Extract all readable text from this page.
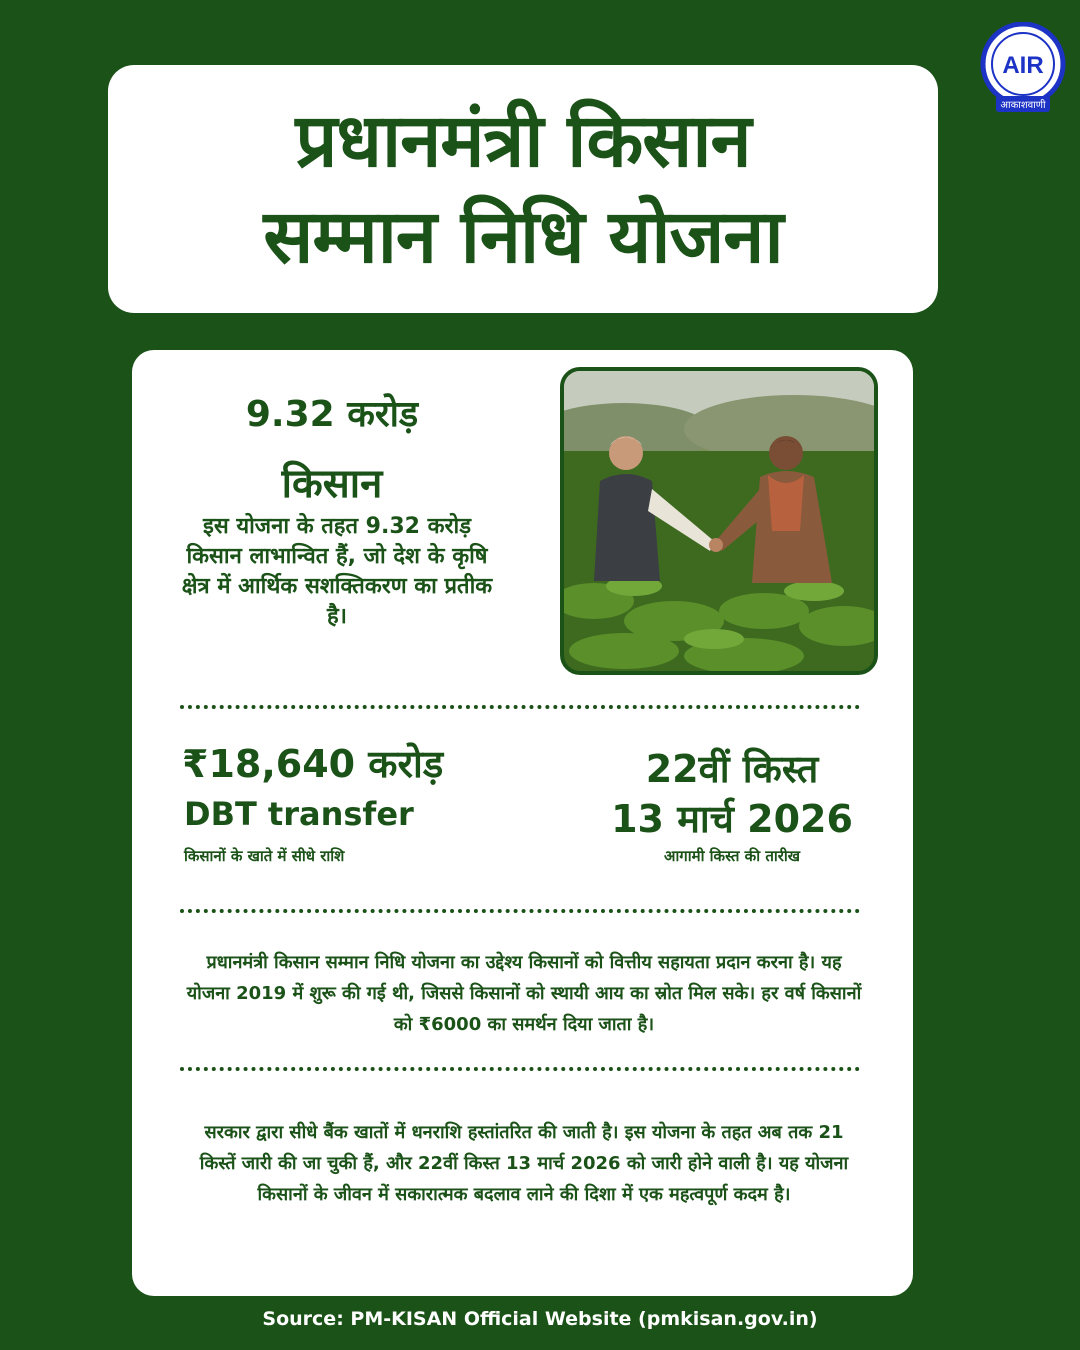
AIR
आकाशवाणी
प्रधानमंत्री किसान
सम्मान निधि योजना
9.32 करोड़
किसान
इस योजना के तहत 9.32 करोड़ किसान लाभान्वित हैं, जो देश के कृषि क्षेत्र में आर्थिक सशक्तिकरण का प्रतीक है।
₹18,640 करोड़
DBT transfer
किसानों के खाते में सीधे राशि
22वीं किस्त
13 मार्च 2026
आगामी किस्त की तारीख
प्रधानमंत्री किसान सम्मान निधि योजना का उद्देश्य किसानों को वित्तीय सहायता प्रदान करना है। यह योजना 2019 में शुरू की गई थी, जिससे किसानों को स्थायी आय का स्रोत मिल सके। हर वर्ष किसानों को ₹6000 का समर्थन दिया जाता है।
सरकार द्वारा सीधे बैंक खातों में धनराशि हस्तांतरित की जाती है। इस योजना के तहत अब तक 21 किस्तें जारी की जा चुकी हैं, और 22वीं किस्त 13 मार्च 2026 को जारी होने वाली है। यह योजना किसानों के जीवन में सकारात्मक बदलाव लाने की दिशा में एक महत्वपूर्ण कदम है।
Source: PM-KISAN Official Website (pmkisan.gov.in)
